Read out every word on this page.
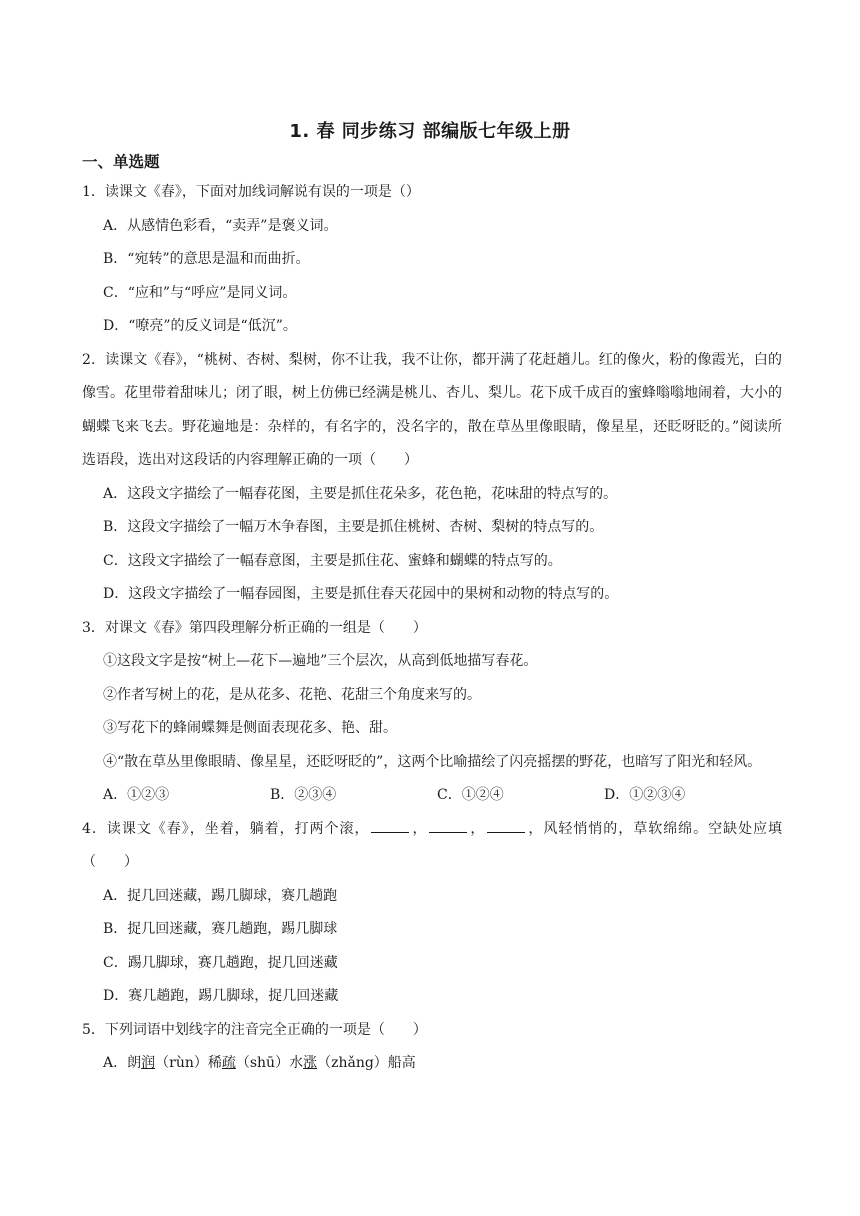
1. 春 同步练习 部编版七年级上册
一、单选题

1．读课文《春》，下面对加线词解说有误的一项是（）

A．从感情色彩看，“卖弄”是褒义词。

B．“宛转”的意思是温和而曲折。

C．“应和”与“呼应”是同义词。

D．“嘹亮”的反义词是“低沉”。

2．读课文《春》，“桃树、杏树、梨树，你不让我，我不让你，都开满了花赶趟儿。红的像火，粉的像霞光，白的像雪。花里带着甜味儿；闭了眼，树上仿佛已经满是桃儿、杏儿、梨儿。花下成千成百的蜜蜂嗡嗡地闹着，大小的蝴蝶飞来飞去。野花遍地是：杂样的，有名字的，没名字的，散在草丛里像眼睛，像星星，还眨呀眨的。”阅读所选语段，选出对这段话的内容理解正确的一项（　　）

A．这段文字描绘了一幅春花图，主要是抓住花朵多，花色艳，花味甜的特点写的。

B．这段文字描绘了一幅万木争春图，主要是抓住桃树、杏树、梨树的特点写的。

C．这段文字描绘了一幅春意图，主要是抓住花、蜜蜂和蝴蝶的特点写的。

D．这段文字描绘了一幅春园图，主要是抓住春天花园中的果树和动物的特点写的。

3．对课文《春》第四段理解分析正确的一组是（　　）

①这段文字是按“树上—花下—遍地”三个层次，从高到低地描写春花。

②作者写树上的花，是从花多、花艳、花甜三个角度来写的。

③写花下的蜂闹蝶舞是侧面表现花多、艳、甜。

④“散在草丛里像眼睛、像星星，还眨呀眨的”，这两个比喻描绘了闪亮摇摆的野花，也暗写了阳光和轻风。

A．①②③	B．②③④	C．①②④	D．①②③④

4．读课文《春》，坐着，躺着，打两个滚，	，	，	，风轻悄悄的，草软绵绵。空缺处应填（　　）

A．捉几回迷藏，踢几脚球，赛几趟跑

B．捉几回迷藏，赛几趟跑，踢几脚球

C．踢几脚球，赛几趟跑，捉几回迷藏

D．赛几趟跑，踢几脚球，捉几回迷藏

5．下列词语中划线字的注音完全正确的一项是（　　）

A．朗润（rùn）稀疏（shū）水涨（zhǎng）船高
